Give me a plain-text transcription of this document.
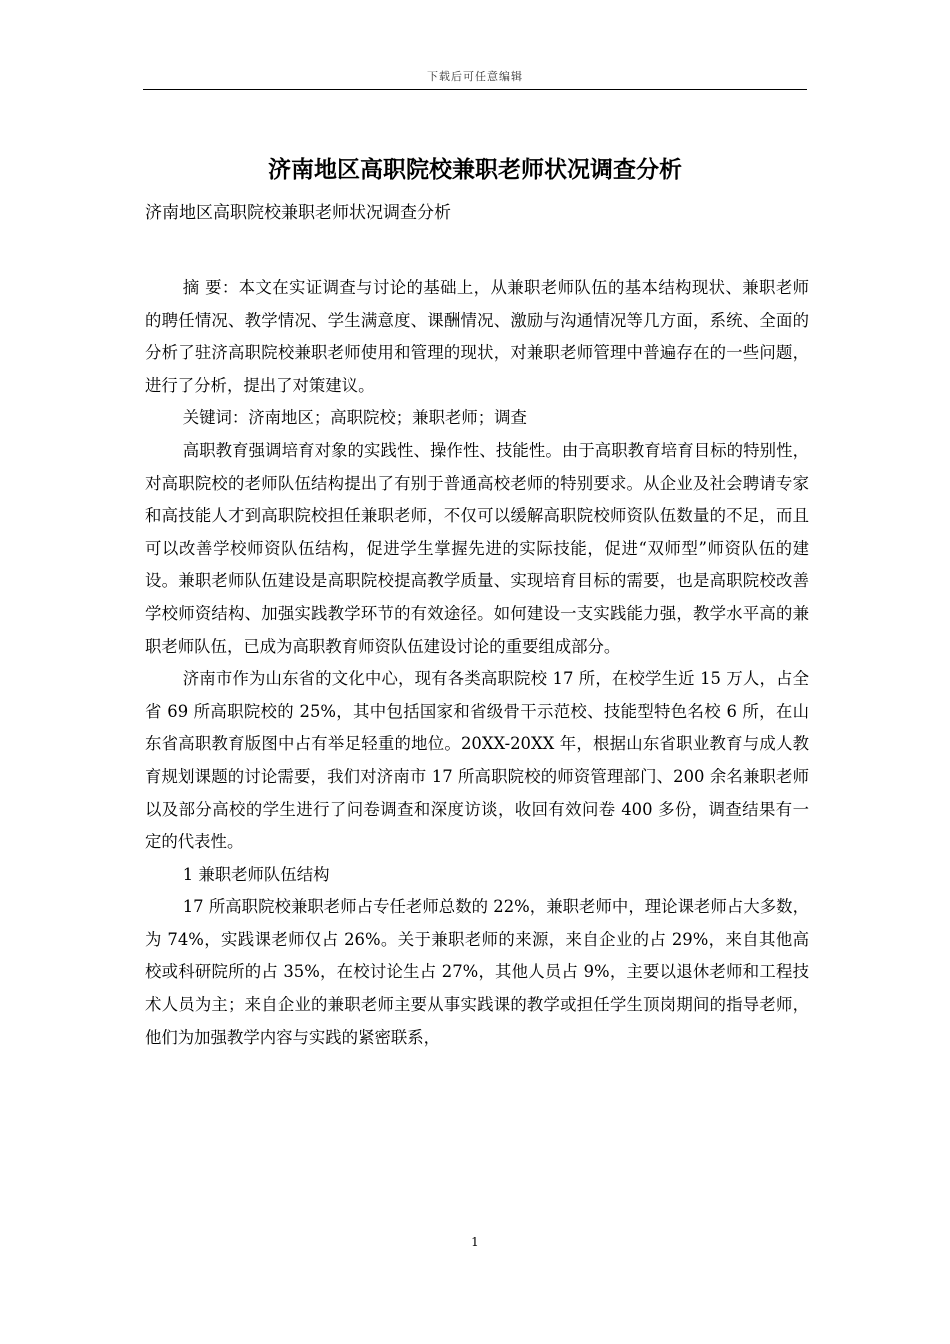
下载后可任意编辑
济南地区高职院校兼职老师状况调查分析
济南地区高职院校兼职老师状况调查分析

摘 要：本文在实证调查与讨论的基础上，从兼职老师队伍的基本结构现状、兼职老师的聘任情况、教学情况、学生满意度、课酬情况、激励与沟通情况等几方面，系统、全面的分析了驻济高职院校兼职老师使用和管理的现状，对兼职老师管理中普遍存在的一些问题，进行了分析，提出了对策建议。

关键词：济南地区；高职院校；兼职老师；调查

高职教育强调培育对象的实践性、操作性、技能性。由于高职教育培育目标的特别性，对高职院校的老师队伍结构提出了有别于普通高校老师的特别要求。从企业及社会聘请专家和高技能人才到高职院校担任兼职老师，不仅可以缓解高职院校师资队伍数量的不足，而且可以改善学校师资队伍结构，促进学生掌握先进的实际技能，促进“双师型”师资队伍的建设。兼职老师队伍建设是高职院校提高教学质量、实现培育目标的需要，也是高职院校改善学校师资结构、加强实践教学环节的有效途径。如何建设一支实践能力强，教学水平高的兼职老师队伍，已成为高职教育师资队伍建设讨论的重要组成部分。

济南市作为山东省的文化中心，现有各类高职院校 17 所，在校学生近 15 万人，占全省 69 所高职院校的 25%，其中包括国家和省级骨干示范校、技能型特色名校 6 所，在山东省高职教育版图中占有举足轻重的地位。20XX-20XX 年，根据山东省职业教育与成人教育规划课题的讨论需要，我们对济南市 17 所高职院校的师资管理部门、200 余名兼职老师以及部分高校的学生进行了问卷调查和深度访谈，收回有效问卷 400 多份，调查结果有一定的代表性。

1 兼职老师队伍结构

17 所高职院校兼职老师占专任老师总数的 22%，兼职老师中，理论课老师占大多数，为 74%，实践课老师仅占 26%。关于兼职老师的来源，来自企业的占 29%，来自其他高校或科研院所的占 35%，在校讨论生占 27%，其他人员占 9%，主要以退休老师和工程技术人员为主；来自企业的兼职老师主要从事实践课的教学或担任学生顶岗期间的指导老师，他们为加强教学内容与实践的紧密联系，

1
